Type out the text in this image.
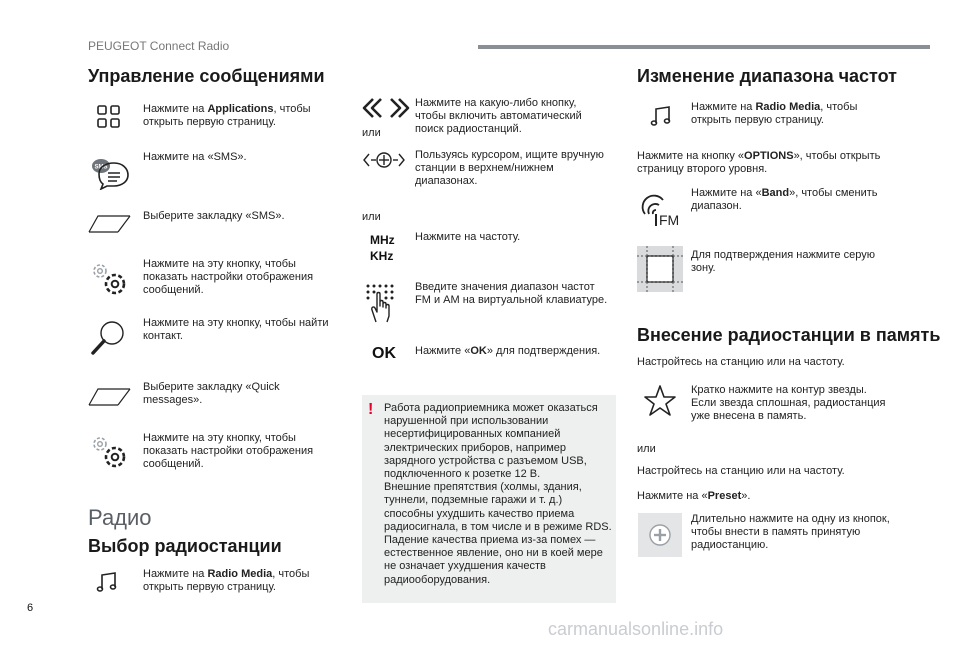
PEUGEOT Connect Radio
Управление сообщениями
Нажмите на Applications, чтобы открыть первую страницу.
SMS
Нажмите на «SMS».
Выберите закладку «SMS».
Нажмите на эту кнопку, чтобы показать настройки отображения сообщений.
Нажмите на эту кнопку, чтобы найти контакт.
Выберите закладку «Quick messages».
Нажмите на эту кнопку, чтобы показать настройки отображения сообщений.
Радио
Выбор радиостанции
Нажмите на Radio Media, чтобы открыть первую страницу.
Нажмите на какую-либо кнопку, чтобы включить автоматический поиск радиостанций.
или
Пользуясь курсором, ищите вручную станции в верхнем/нижнем диапазонах.
или
MHz
KHz
Нажмите на частоту.
Введите значения диапазон частот FM и AM на виртуальной клавиатуре.
OK Нажмите «OK» для подтверждения.
! Работа радиоприемника может оказаться нарушенной при использовании несертифицированных компанией электрических приборов, например зарядного устройства с разъемом USB, подключенного к розетке 12 В.
Внешние препятствия (холмы, здания, туннели, подземные гаражи и т. д.) способны ухудшить качество приема радиосигнала, в том числе и в режиме RDS. Падение качества приема из-за помех — естественное явление, оно ни в коей мере не означает ухудшения качеств радиооборудования.
Изменение диапазона частот
Нажмите на Radio Media, чтобы открыть первую страницу.
Нажмите на кнопку «OPTIONS», чтобы открыть страницу второго уровня.
FM
Нажмите на «Band», чтобы сменить диапазон.
Для подтверждения нажмите серую зону.
Внесение радиостанции в память
Настройтесь на станцию или на частоту.
Кратко нажмите на контур звезды. Если звезда сплошная, радиостанция уже внесена в память.
или
Настройтесь на станцию или на частоту.
Нажмите на «Preset».
Длительно нажмите на одну из кнопок, чтобы внести в память принятую радиостанцию.
6
carmanualsonline.info
